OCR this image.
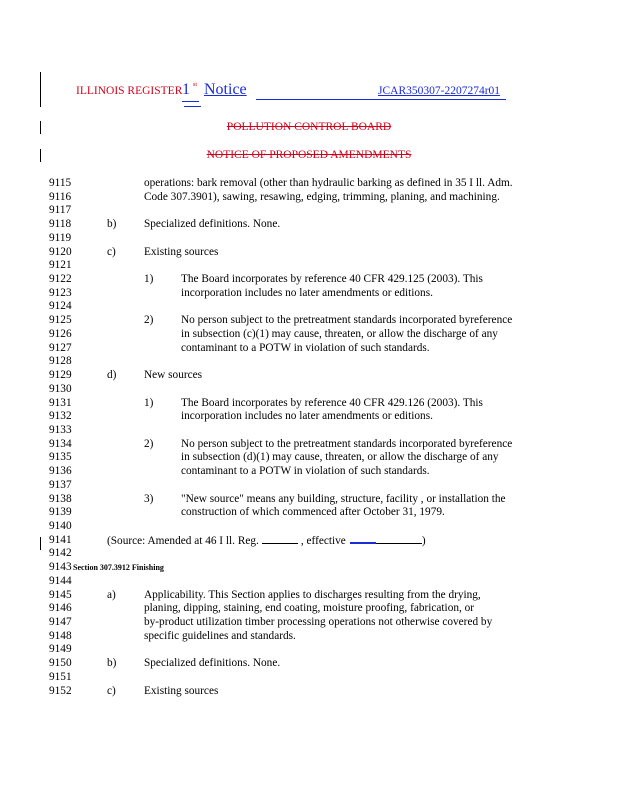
ILLINOIS REGISTER 1 st Notice	JCAR350307-2207274r01
POLLUTION CONTROL BOARD
NOTICE OF PROPOSED AMENDMENTS
9115	operations: bark removal (other than hydraulic barking as defined in 35 I ll. Adm.
9116	Code 307.3901), sawing, resawing, edging, trimming, planing, and machining.
9117
9118	b) Specialized definitions. None.
9119
9120	c) Existing sources
9121
9122	1) The Board incorporates by reference 40 CFR 429.125 (2003). This
9123	incorporation includes no later amendments or editions.
9124
9125	2) No person subject to the pretreatment standards incorporated byreference
9126	in subsection (c)(1) may cause, threaten, or allow the discharge of any
9127	contaminant to a POTW in violation of such standards.
9128
9129	d) New sources
9130
9131	1) The Board incorporates by reference 40 CFR 429.126 (2003). This
9132	incorporation includes no later amendments or editions.
9133
9134	2) No person subject to the pretreatment standards incorporated byreference
9135	in subsection (d)(1) may cause, threaten, or allow the discharge of any
9136	contaminant to a POTW in violation of such standards.
9137
9138	3) "New source" means any building, structure, facility , or installation the
9139	construction of which commenced after October 31, 1979.
9140
9141	(Source: Amended at 46 I ll. Reg.	, effective	)
9142
9143 Section 307.3912 Finishing
9144
9145	a) Applicability. This Section applies to discharges resulting from the drying,
9146	planing, dipping, staining, end coating, moisture proofing, fabrication, or
9147	by-product utilization timber processing operations not otherwise covered by
9148	specific guidelines and standards.
9149
9150	b) Specialized definitions. None.
9151
9152	c) Existing sources
